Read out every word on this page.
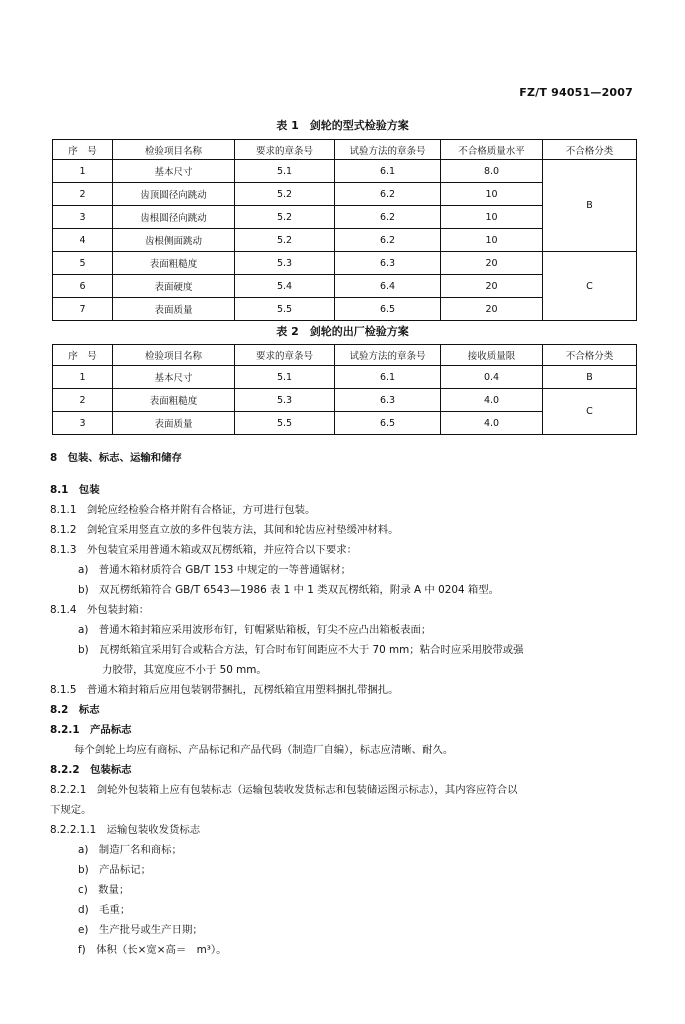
FZ/T 94051—2007
表 1　剑轮的型式检验方案
序　号	检验项目名称	要求的章条号	试验方法的章条号	不合格质量水平	不合格分类
1	基本尺寸	5.1	6.1	8.0	B
2	齿顶圆径向跳动	5.2	6.2	10	
3	齿根圆径向跳动	5.2	6.2	10	
4	齿根侧面跳动	5.2	6.2	10	
5	表面粗糙度	5.3	6.3	20	C
6	表面硬度	5.4	6.4	20	
7	表面质量	5.5	6.5	20	
表 2　剑轮的出厂检验方案
序　号	检验项目名称	要求的章条号	试验方法的章条号	接收质量限	不合格分类
1	基本尺寸	5.1	6.1	0.4	B
2	表面粗糙度	5.3	6.3	4.0	C
3	表面质量	5.5	6.5	4.0	
8　包装、标志、运输和储存
8.1　包装
8.1.1　剑轮应经检验合格并附有合格证，方可进行包装。
8.1.2　剑轮宜采用竖直立放的多件包装方法，其间和轮齿应衬垫缓冲材料。
8.1.3　外包装宜采用普通木箱或双瓦楞纸箱，并应符合以下要求：
a)　普通木箱材质符合 GB/T 153 中规定的一等普通锯材；
b)　双瓦楞纸箱符合 GB/T 6543—1986 表 1 中 1 类双瓦楞纸箱，附录 A 中 0204 箱型。
8.1.4　外包装封箱：
a)　普通木箱封箱应采用波形布钉，钉帽紧贴箱板，钉尖不应凸出箱板表面；
b)　瓦楞纸箱宜采用钉合或粘合方法，钉合时布钉间距应不大于 70 mm；粘合时应采用胶带或强
力胶带，其宽度应不小于 50 mm。
8.1.5　普通木箱封箱后应用包装钢带捆扎，瓦楞纸箱宜用塑料捆扎带捆扎。
8.2　标志
8.2.1　产品标志
每个剑轮上均应有商标、产品标记和产品代码（制造厂自编），标志应清晰、耐久。
8.2.2　包装标志
8.2.2.1　剑轮外包装箱上应有包装标志（运输包装收发货标志和包装储运图示标志），其内容应符合以
下规定。
8.2.2.1.1　运输包装收发货标志
a)　制造厂名和商标；
b)　产品标记；
c)　数量；
d)　毛重；
e)　生产批号或生产日期；
f)　体积（长×宽×高＝　m³）。
